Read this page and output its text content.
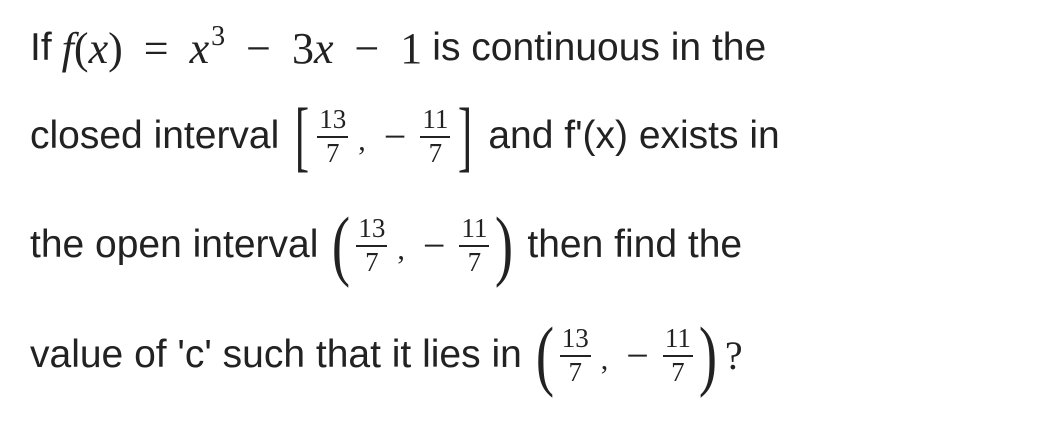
If $f(x) = x^3 - 3x - 1$ is continuous in the
closed interval [ $\frac{13}{7}$ , − $\frac{11}{7}$ ] and f'(x) exists in
the open interval ( $\frac{13}{7}$ , − $\frac{11}{7}$ ) then find the
value of 'c' such that it lies in ( $\frac{13}{7}$ , − $\frac{11}{7}$ ) ?
